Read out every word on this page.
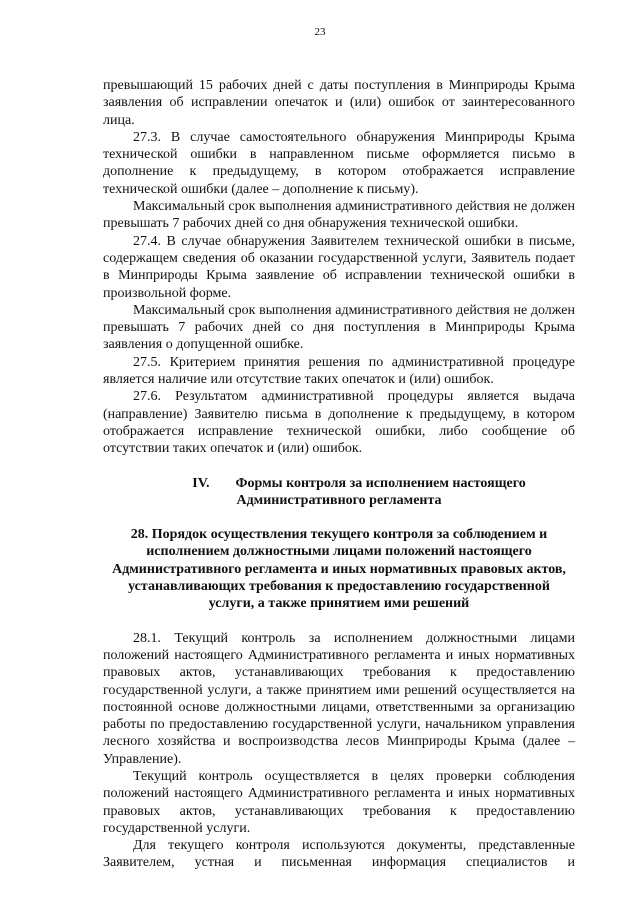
23

превышающий 15 рабочих дней с даты поступления в Минприроды Крыма заявления об исправлении опечаток и (или) ошибок от заинтересованного лица.

27.3. В случае самостоятельного обнаружения Минприроды Крыма технической ошибки в направленном письме оформляется письмо в дополнение к предыдущему, в котором отображается исправление технической ошибки (далее – дополнение к письму).

Максимальный срок выполнения административного действия не должен превышать 7 рабочих дней со дня обнаружения технической ошибки.

27.4. В случае обнаружения Заявителем технической ошибки в письме, содержащем сведения об оказании государственной услуги, Заявитель подает в Минприроды Крыма заявление об исправлении технической ошибки в произвольной форме.

Максимальный срок выполнения административного действия не должен превышать 7 рабочих дней со дня поступления в Минприроды Крыма заявления о допущенной ошибке.

27.5. Критерием принятия решения по административной процедуре является наличие или отсутствие таких опечаток и (или) ошибок.

27.6. Результатом административной процедуры является выдача (направление) Заявителю письма в дополнение к предыдущему, в котором отображается исправление технической ошибки, либо сообщение об отсутствии таких опечаток и (или) ошибок.

IV. Формы контроля за исполнением настоящего
Административного регламента
28. Порядок осуществления текущего контроля за соблюдением и
исполнением должностными лицами положений настоящего
Административного регламента и иных нормативных правовых актов,
устанавливающих требования к предоставлению государственной
услуги, а также принятием ими решений

28.1. Текущий контроль за исполнением должностными лицами положений настоящего Административного регламента и иных нормативных правовых актов, устанавливающих требования к предоставлению государственной услуги, а также принятием ими решений осуществляется на постоянной основе должностными лицами, ответственными за организацию работы по предоставлению государственной услуги, начальником управления лесного хозяйства и воспроизводства лесов Минприроды Крыма (далее – Управление).

Текущий контроль осуществляется в целях проверки соблюдения положений настоящего Административного регламента и иных нормативных правовых актов, устанавливающих требования к предоставлению государственной услуги.

Для текущего контроля используются документы, представленные Заявителем, устная и письменная информация специалистов и
